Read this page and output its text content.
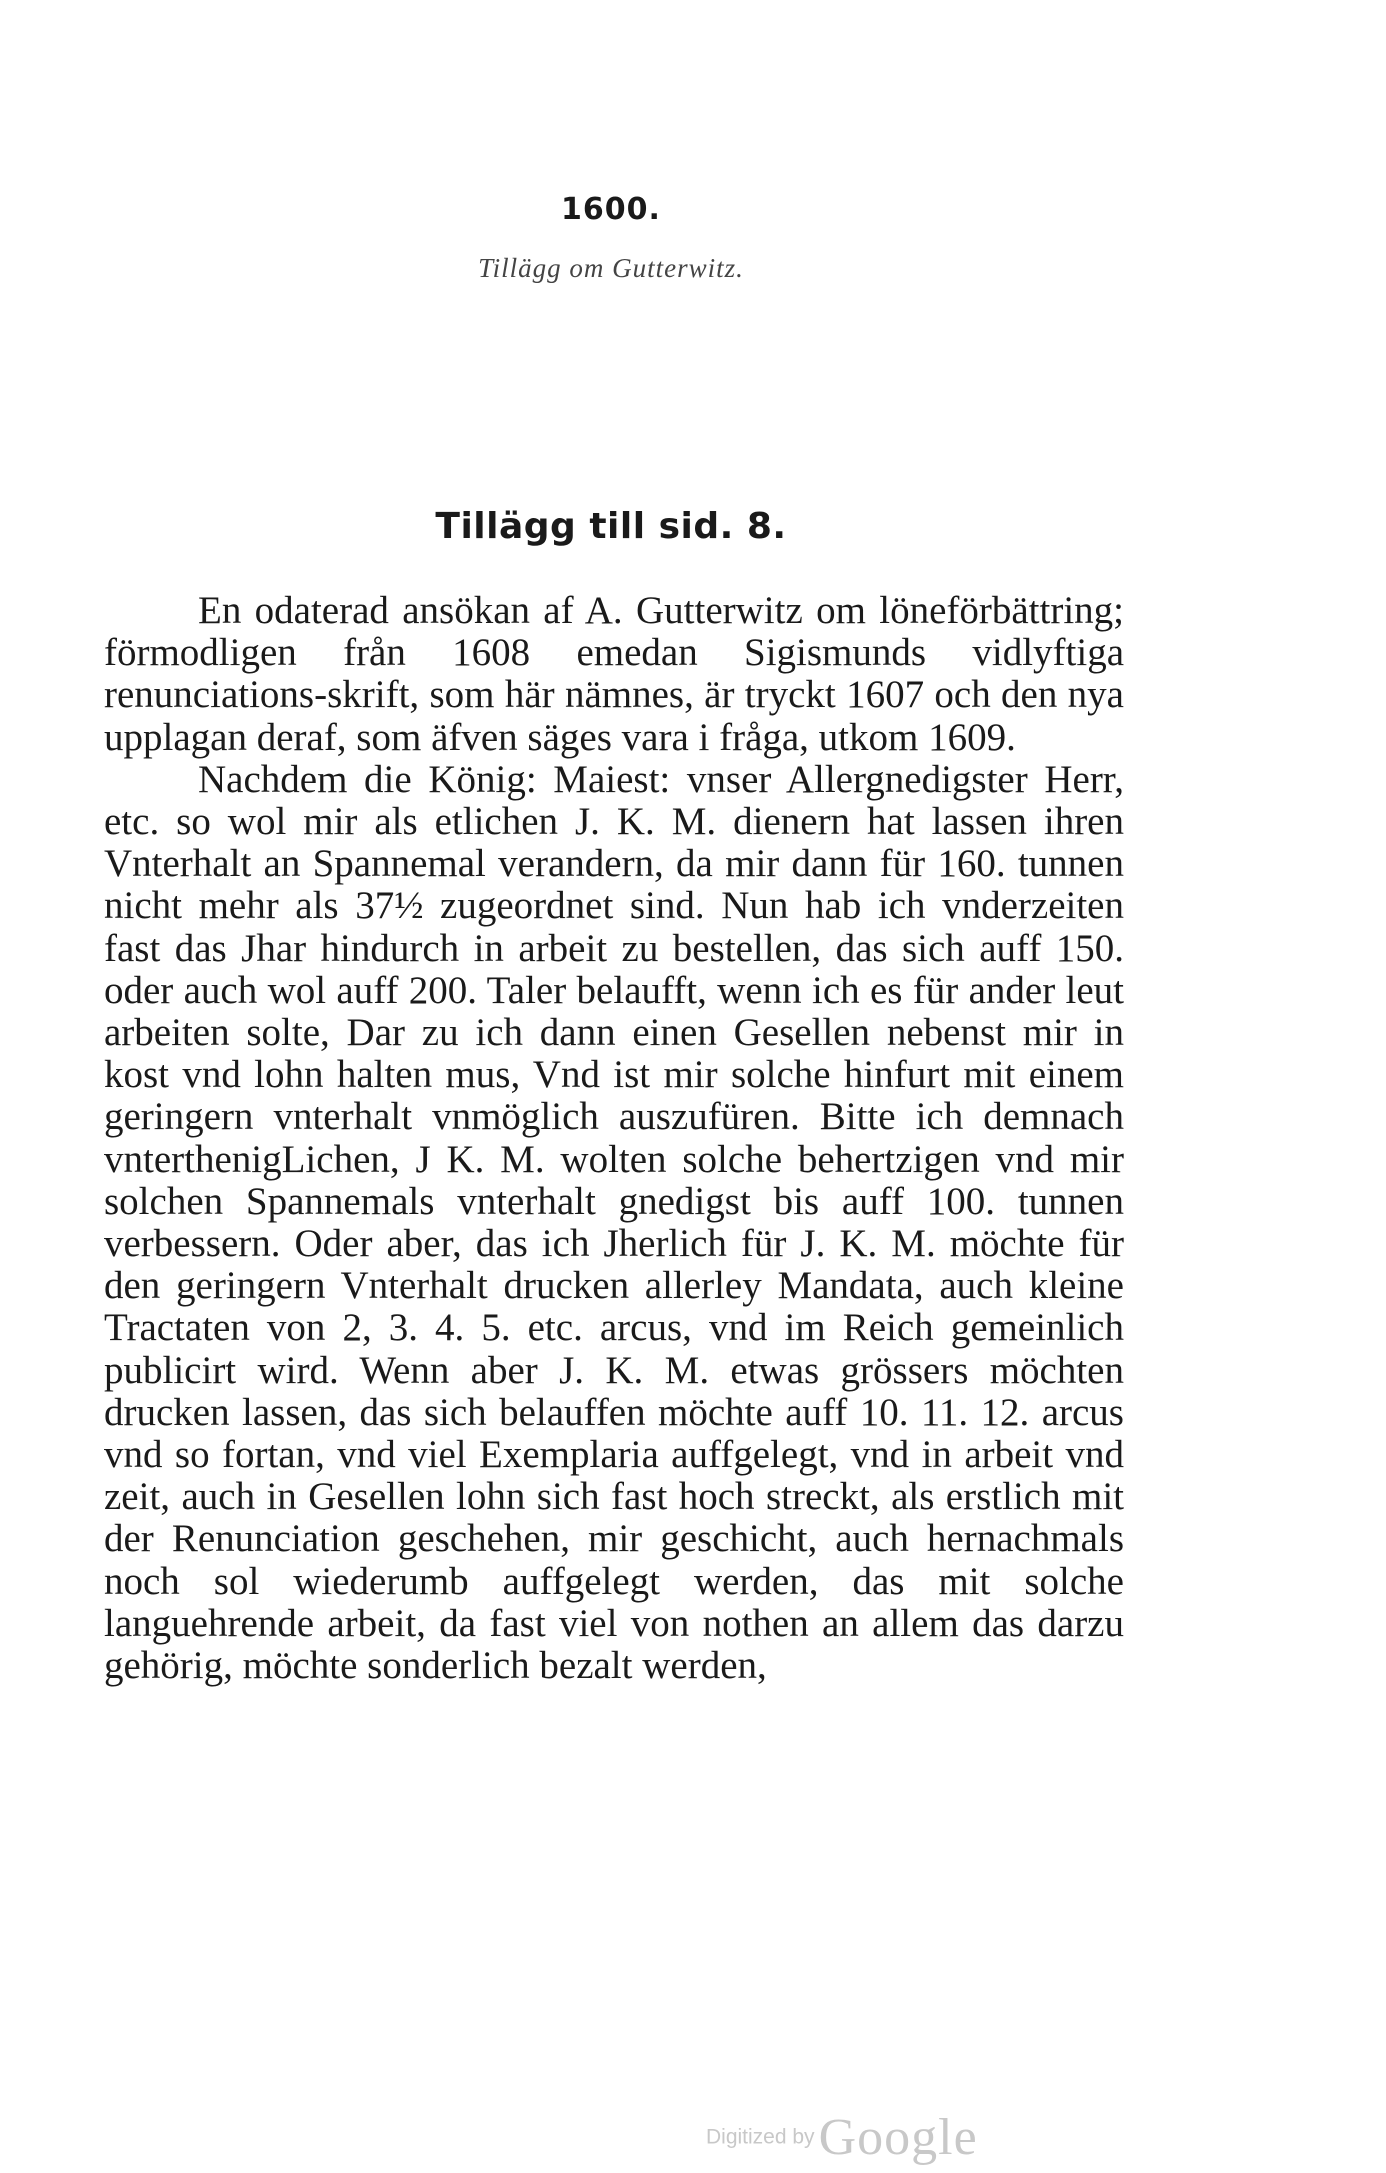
1600.
Tillägg om Gutterwitz.
Tillägg till sid. 8.

En odaterad ansökan af A. Gutterwitz om löneförbättring; förmodligen från 1608 emedan Sigismunds vidlyftiga renunciations-skrift, som här nämnes, är tryckt 1607 och den nya upplagan deraf, som äfven säges vara i fråga, utkom 1609.

Nachdem die König: Maiest: vnser Allergnedigster Herr, etc. so wol mir als etlichen J. K. M. dienern hat lassen ihren Vnterhalt an Spannemal verandern, da mir dann für 160. tunnen nicht mehr als 37½ zugeordnet sind. Nun hab ich vnderzeiten fast das Jhar hindurch in arbeit zu bestellen, das sich auff 150. oder auch wol auff 200. Taler belaufft, wenn ich es für ander leut arbeiten solte, Dar zu ich dann einen Gesellen nebenst mir in kost vnd lohn halten mus, Vnd ist mir solche hinfurt mit einem geringern vnterhalt vnmöglich auszufüren. Bitte ich demnach vnterthenigLichen, J K. M. wolten solche behertzigen vnd mir solchen Spannemals vnterhalt gnedigst bis auff 100. tunnen verbessern. Oder aber, das ich Jherlich für J. K. M. möchte für den geringern Vnterhalt drucken allerley Mandata, auch kleine Tractaten von 2, 3. 4. 5. etc. arcus, vnd im Reich gemeinlich publicirt wird. Wenn aber J. K. M. etwas grössers möchten drucken lassen, das sich belauffen möchte auff 10. 11. 12. arcus vnd so fortan, vnd viel Exemplaria auffgelegt, vnd in arbeit vnd zeit, auch in Gesellen lohn sich fast hoch streckt, als erstlich mit der Renunciation geschehen, mir geschicht, auch hernachmals noch sol wiederumb auffgelegt werden, das mit solche languehrende arbeit, da fast viel von nothen an allem das darzu gehörig, möchte sonderlich bezalt werden,

Digitized by Google
